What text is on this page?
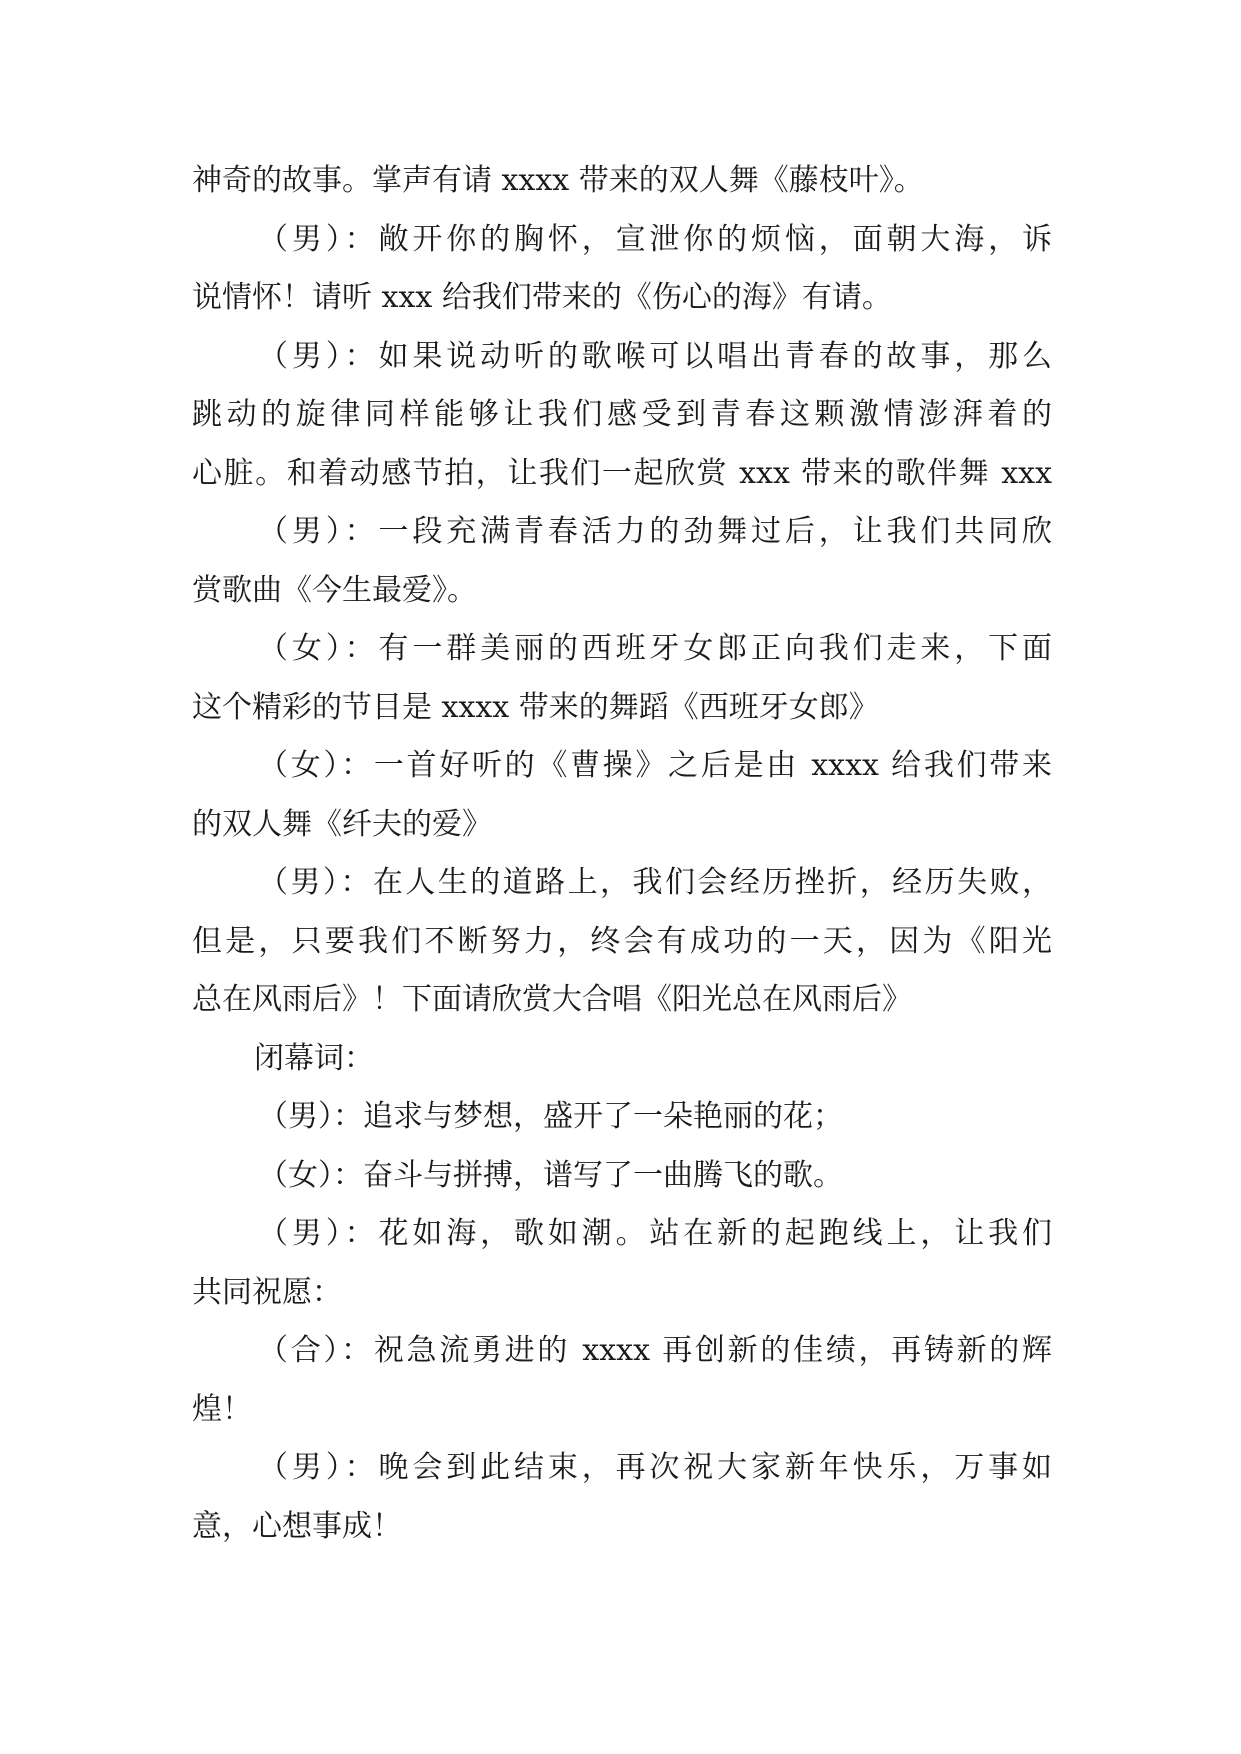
神奇的故事。掌声有请 xxxx 带来的双人舞《藤枝叶》。
（男）：敞开你的胸怀，宣泄你的烦恼，面朝大海，诉
说情怀！请听 xxx 给我们带来的《伤心的海》有请。
（男）：如果说动听的歌喉可以唱出青春的故事，那么
跳动的旋律同样能够让我们感受到青春这颗激情澎湃着的
心脏。和着动感节拍，让我们一起欣赏 xxx 带来的歌伴舞 xxx
（男）：一段充满青春活力的劲舞过后，让我们共同欣
赏歌曲《今生最爱》。
（女）：有一群美丽的西班牙女郎正向我们走来，下面
这个精彩的节目是 xxxx 带来的舞蹈《西班牙女郎》
（女）：一首好听的《曹操》之后是由 xxxx 给我们带来
的双人舞《纤夫的爱》
（男）：在人生的道路上，我们会经历挫折，经历失败，
但是，只要我们不断努力，终会有成功的一天，因为《阳光
总在风雨后》！下面请欣赏大合唱《阳光总在风雨后》
闭幕词：
（男）：追求与梦想，盛开了一朵艳丽的花；
（女）：奋斗与拼搏，谱写了一曲腾飞的歌。
（男）：花如海，歌如潮。站在新的起跑线上，让我们
共同祝愿：
（合）：祝急流勇进的 xxxx 再创新的佳绩，再铸新的辉
煌！
（男）：晚会到此结束，再次祝大家新年快乐，万事如
意，心想事成！
